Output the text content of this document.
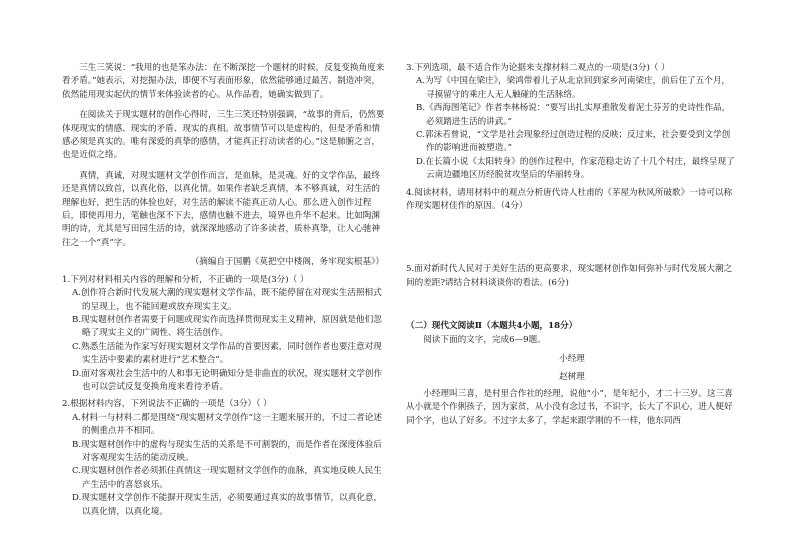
三生三笑说：“我用的也是笨办法：在不断深挖一个题材的时候，反复变换角度来看矛盾。”她表示，对挖掘办法，即便不写表面形象，依然能够通过最苦、制造冲突，依然能用现实起伏的情节来体验读者的心。从作品看，她确实做到了。

在阅读关于现实题材的创作心得时，三生三笑还特别强调，“故事的背后，仍然要体现现实的情感、现实的矛盾、现实的真相。故事情节可以是虚构的，但是矛盾和情感必须是真实的。唯有深爱的真挚的感情，才能真正打动读者的心。”这是肺腑之言，也是近似之络。

真情，真诚，对现实题材文学创作而言，是血脉，是灵魂。好的文学作品，最终还是真情以致首，以真化俗，以真化情。如果作者缺乏真情，本不够真诚，对生活的理解也好，把生活的体验也好，对生活的解读不能真正动人心。那么进入创作过程后，即使再用力，笔触也深不下去，感情也触不进去，境界也升华不起来。比如陶渊明的诗，尤其是写田园生活的诗，就深深地感动了许多读者，质朴真挚，让人心驰神往之一个“真”字。

（摘编自于国鹏《莫把空中楼阁，务牢现实根基》）

1.下列对材料相关内容的理解和分析，不正确的一项是(3分)（ ）

A.创作符合新时代发展大潮的现实题材文学作品，既不能停留在对现实生活照相式的呈现上，也不能回避或放弃现实主义。

B.现实题材创作者需要于问题或现实作而选择贯彻现实主义精神，原因就是他们忽略了现实主义的广阔性、将生活创作。

C.熟悉生活能为作家写好现实题材文学作品的首要因素，同时创作者也要注意对现实生活中要素的素材进行“艺术整合”。

D.面对客观社会生活中的人和事无论明确知分是非曲直的状况，现实题材文学创作也可以尝试反复变换角度来看待矛盾。

2.根据材料内容，下列说法不正确的一项是（3分）（ ）

A.材料一与材料二都是围绕“现实题材文学创作”这一主题来展开的，不过二者论述的侧重点并不相同。

B.现实题材创作中的虚构与现实生活的关系是不可割裂的，而是作者在深度体验后对客观现实生活的能动反映。

C.现实题材创作者必须抓住真情这一现实题材文学创作的血脉，真实地反映人民生产生活中的喜怒哀乐。

D.现实题材文学创作不能摒开现实生活，必须要通过真实的故事情节，以真化意，以真化情，以真化境。

3.下列选项，最不适合作为论据来支撑材料二观点的一项是(3分)（ ）

A.为写《中国在梁庄》，梁鸿带着儿子从北京回到家乡河南梁庄，前后住了五个月，寻摸留守的乘庄人无人触碰的生活脉络。

B.《西海图笔记》作者李林杨说：“要写出扎实厚重散发着泥土芬芳的史诗性作品，必须踏进生活的讲武。”

C.郭沫若曾说，“文学是社会现象经过创造过程的反映；反过来，社会要受到文学创作的影响进而被塑造。”

D.在长篇小说《太阳转身》的创作过程中，作家范稳走访了十几个村庄，最终呈现了云南边疆地区历经脱贫攻坚后的华丽转身。

4.阅读材料，请用材料中的观点分析唐代诗人杜甫的《茅屋为秋风所破歌》一诗可以称作现实题材佳作的原因。（4分）

5.面对新时代人民对于美好生活的更高要求，现实题材创作如何弥补与时代发展大潮之间的差距?请结合材料谈谈你的看法。(6分)

（二）现代文阅读Ⅱ（本题共4小题，18分）

阅读下面的文字，完成6—9题。

小经理

赵树理

小经理叫三喜，是村里合作社的经理，说他“小”，是年纪小，才二十三岁。这三喜从小就是个作俐孩子，因为家贫，从小没有念过书，不识字，长大了不识心，进人便好同个字，也认了好多。不过字太多了，学起来跟学刚的不一样，他东同西
